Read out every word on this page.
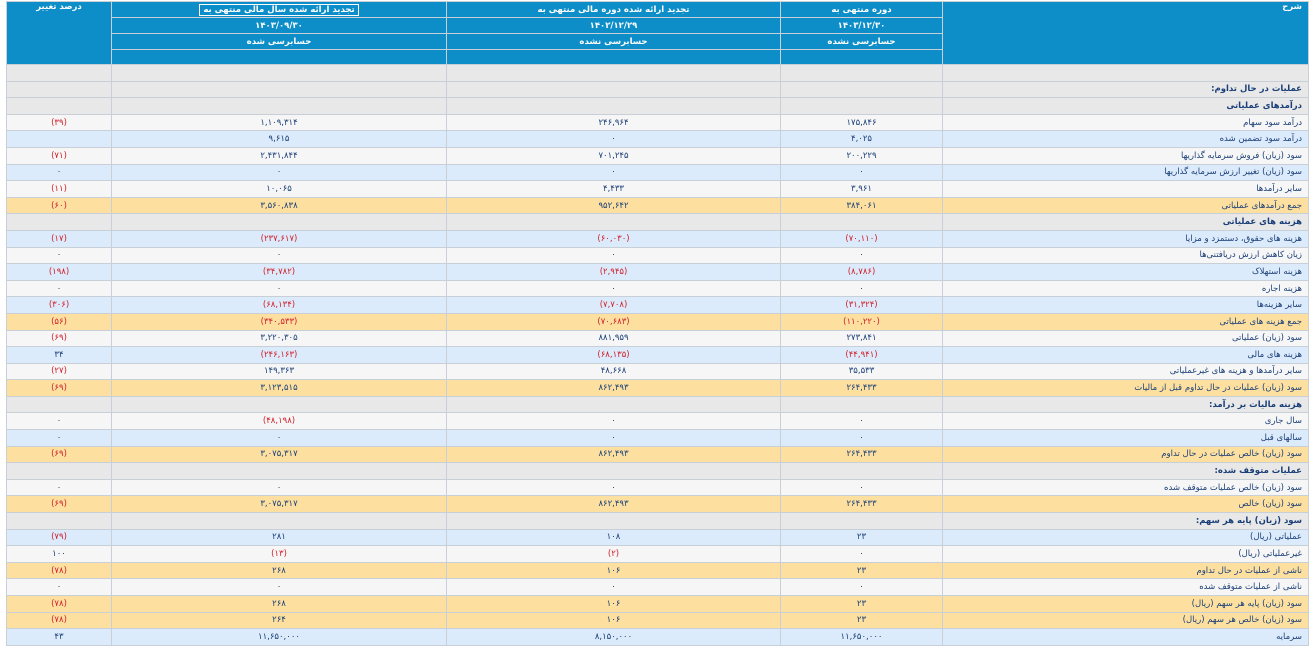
شرح	دوره منتهی به	تجدید ارائه شده دوره مالی منتهی به	تجدید ارائه شده سال مالی منتهی به	درصد تغییر
	۱۴۰۳/۱۲/۳۰	۱۴۰۲/۱۲/۲۹	۱۴۰۳/۰۹/۳۰	
	حسابرسی نشده	حسابرسی نشده	حسابرسی شده	

عملیات در حال تداوم:				
درآمدهای عملیاتی				
درآمد سود سهام	۱۷۵,۸۴۶	۲۴۶,۹۶۴	۱,۱۰۹,۳۱۴	(۳۹)
درآمد سود تضمین شده	۴,۰۲۵	۰	۹,۶۱۵	
سود (زیان) فروش سرمایه گذاریها	۲۰۰,۲۲۹	۷۰۱,۲۴۵	۲,۴۳۱,۸۴۴	(۷۱)
سود (زیان) تغییر ارزش سرمایه گذاریها	۰	۰	۰	۰
سایر درآمدها	۳,۹۶۱	۴,۴۳۳	۱۰,۰۶۵	(۱۱)
جمع درآمدهای عملیاتی	۳۸۴,۰۶۱	۹۵۲,۶۴۲	۳,۵۶۰,۸۳۸	(۶۰)
هزینه های عملیاتی				
هزینه های حقوق، دستمزد و مزایا	(۷۰,۱۱۰)	(۶۰,۰۳۰)	(۲۳۷,۶۱۷)	(۱۷)
زیان کاهش ارزش دریافتنی‌ها	۰	۰	۰	۰
هزینه استهلاک	(۸,۷۸۶)	(۲,۹۴۵)	(۳۴,۷۸۲)	(۱۹۸)
هزینه اجاره	۰	۰	۰	۰
سایر هزینه‌ها	(۳۱,۳۲۴)	(۷,۷۰۸)	(۶۸,۱۳۴)	(۳۰۶)
جمع هزینه های عملیاتی	(۱۱۰,۲۲۰)	(۷۰,۶۸۳)	(۳۴۰,۵۳۳)	(۵۶)
سود (زیان) عملیاتی	۲۷۳,۸۴۱	۸۸۱,۹۵۹	۳,۲۲۰,۳۰۵	(۶۹)
هزینه های مالی	(۴۴,۹۴۱)	(۶۸,۱۳۵)	(۲۴۶,۱۶۳)	۳۴
سایر درآمدها و هزینه های غیرعملیاتی	۳۵,۵۳۳	۴۸,۶۶۸	۱۴۹,۳۶۳	(۲۷)
سود (زیان) عملیات در حال تداوم قبل از مالیات	۲۶۴,۴۳۳	۸۶۲,۴۹۳	۳,۱۲۳,۵۱۵	(۶۹)
هزینه مالیات بر درآمد:				
سال جاری	۰	۰	(۴۸,۱۹۸)	۰
سالهای قبل	۰	۰	۰	۰
سود (زیان) خالص عملیات در حال تداوم	۲۶۴,۴۳۳	۸۶۲,۴۹۳	۳,۰۷۵,۳۱۷	(۶۹)
عملیات متوقف شده:				
سود (زیان) خالص عملیات متوقف شده	۰	۰	۰	۰
سود (زیان) خالص	۲۶۴,۴۳۳	۸۶۲,۴۹۳	۳,۰۷۵,۳۱۷	(۶۹)
سود (زیان) پایه هر سهم:				
عملیاتی (ریال)	۲۳	۱۰۸	۲۸۱	(۷۹)
غیرعملیاتی (ریال)	۰	(۲)	(۱۳)	۱۰۰
ناشی از عملیات در حال تداوم	۲۳	۱۰۶	۲۶۸	(۷۸)
ناشی از عملیات متوقف شده	۰	۰	۰	۰
سود (زیان) پایه هر سهم (ریال)	۲۳	۱۰۶	۲۶۸	(۷۸)
سود (زیان) خالص هر سهم (ریال)	۲۳	۱۰۶	۲۶۴	(۷۸)
سرمایه	۱۱,۶۵۰,۰۰۰	۸,۱۵۰,۰۰۰	۱۱,۶۵۰,۰۰۰	۴۳
